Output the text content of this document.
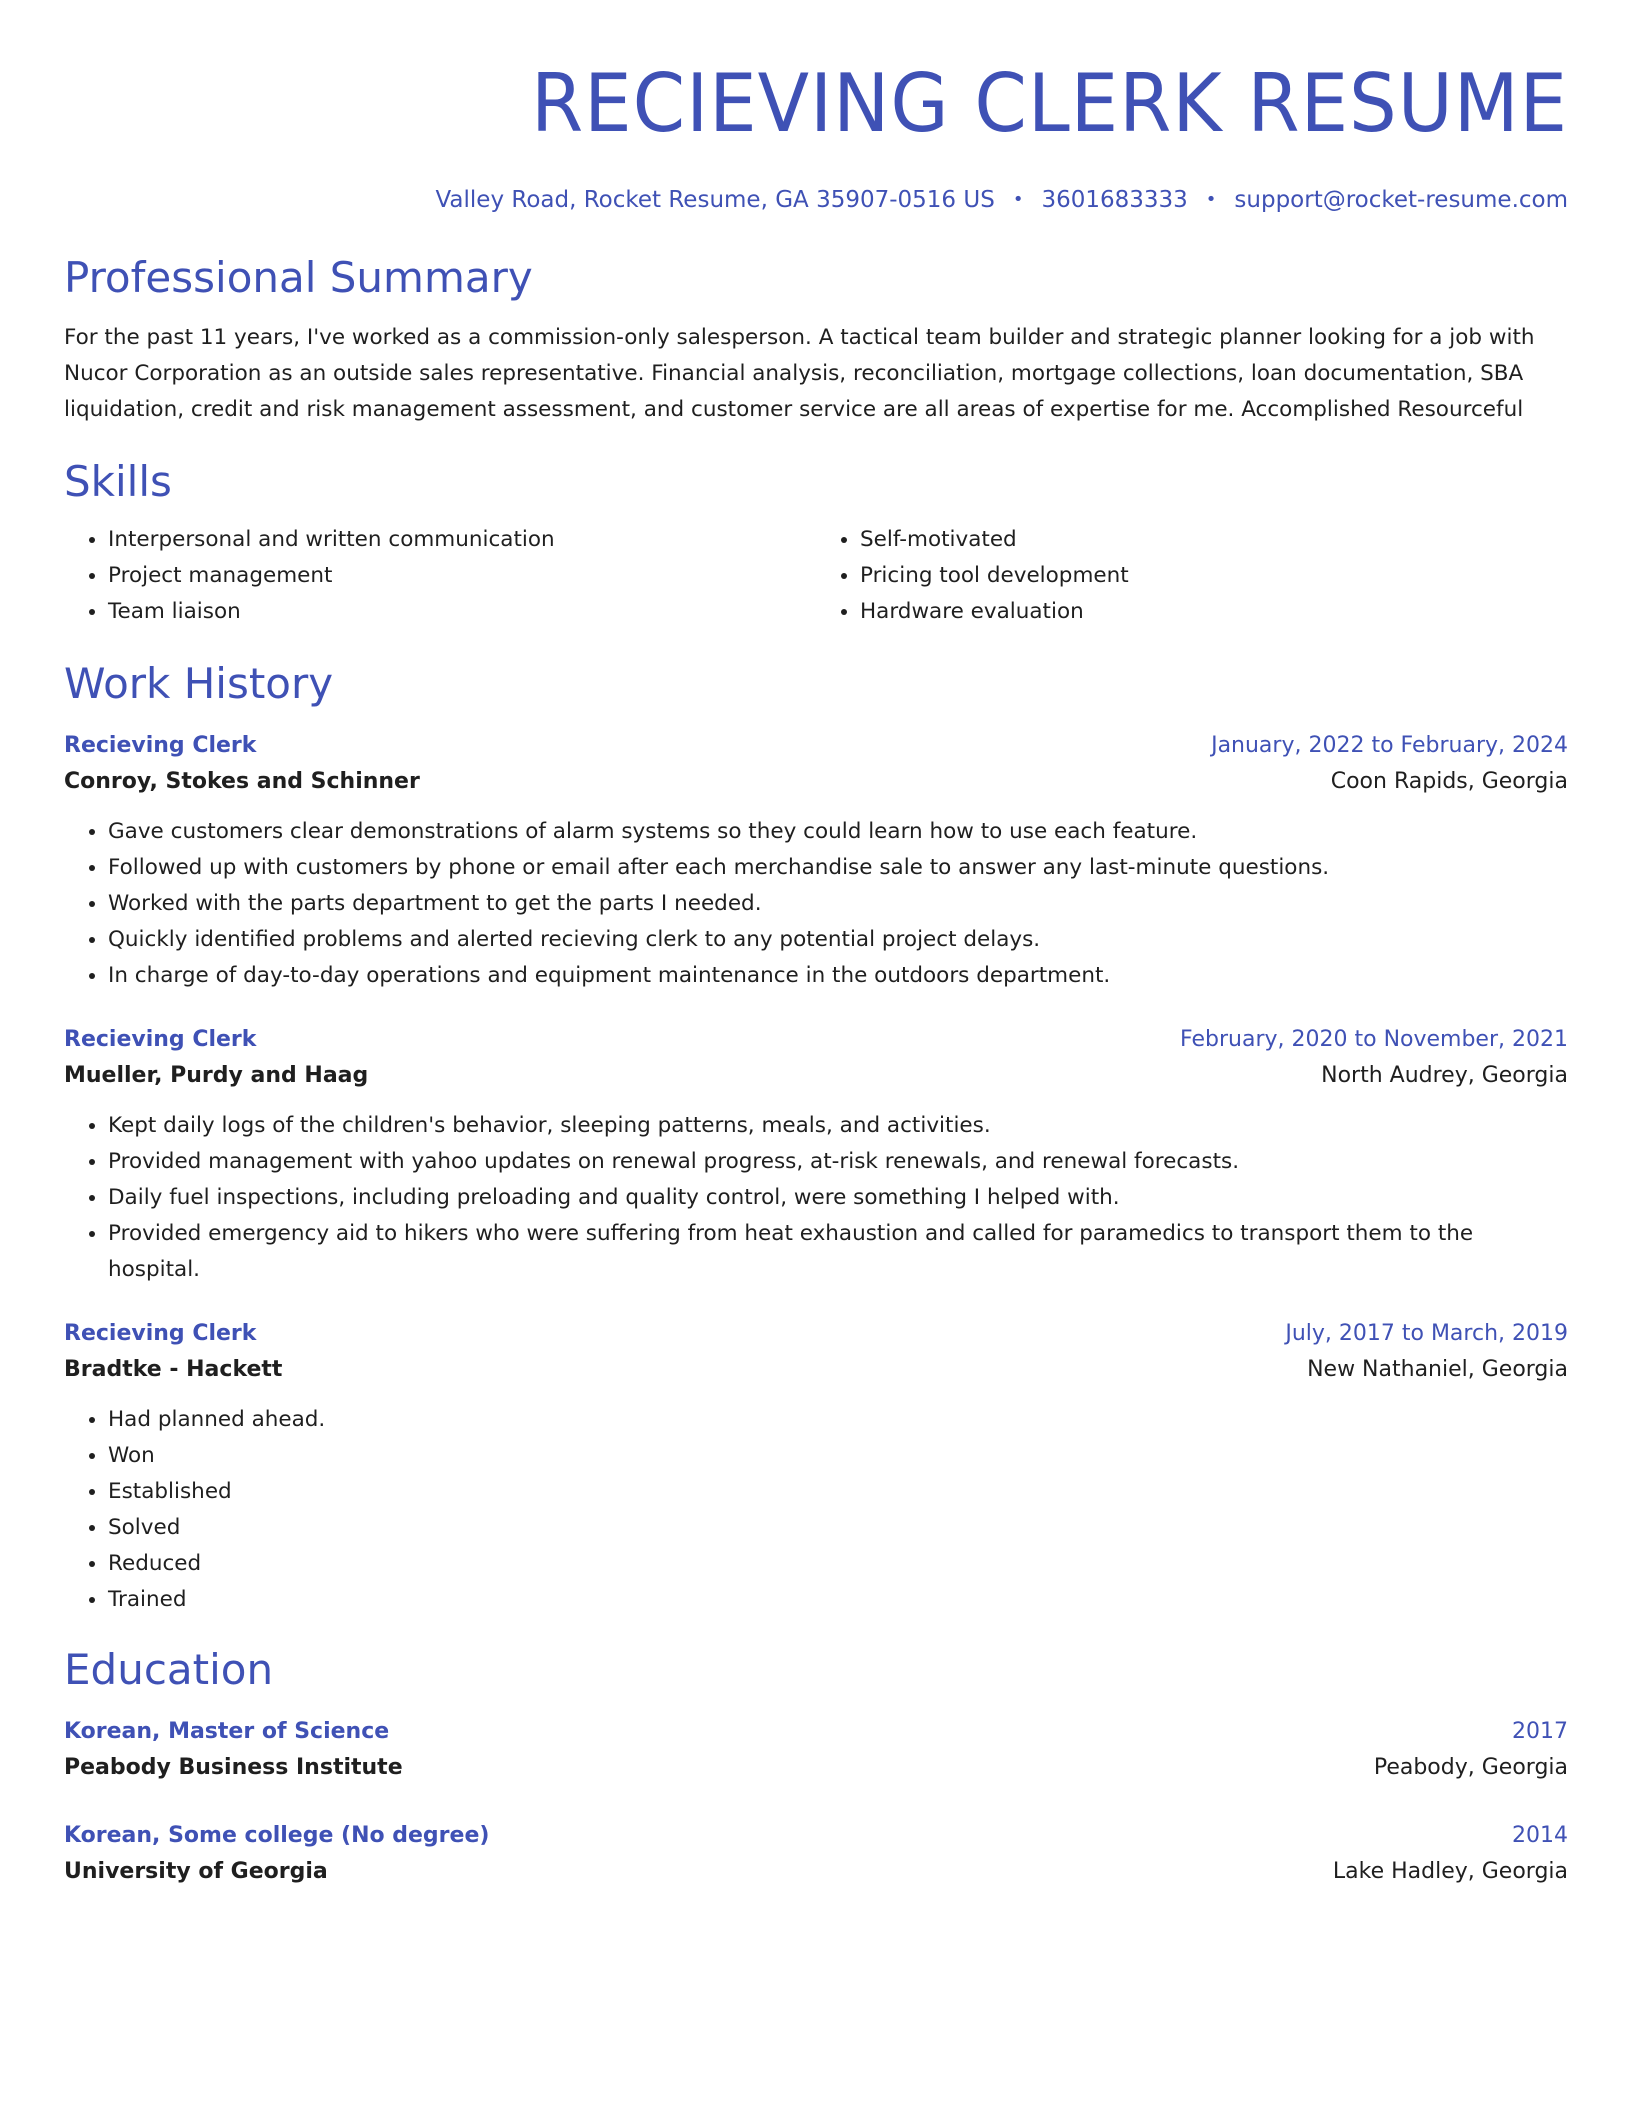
RECIEVING CLERK RESUME
Valley Road, Rocket Resume, GA 35907-0516 US • 3601683333 • support@rocket-resume.com
Professional Summary
For the past 11 years, I've worked as a commission-only salesperson. A tactical team builder and strategic planner looking for a job with Nucor Corporation as an outside sales representative. Financial analysis, reconciliation, mortgage collections, loan documentation, SBA liquidation, credit and risk management assessment, and customer service are all areas of expertise for me. Accomplished Resourceful
Skills
• Interpersonal and written communication
• Project management
• Team liaison
• Self-motivated
• Pricing tool development
• Hardware evaluation
Work History
Recieving Clerk	January, 2022 to February, 2024
Conroy, Stokes and Schinner	Coon Rapids, Georgia
• Gave customers clear demonstrations of alarm systems so they could learn how to use each feature.
• Followed up with customers by phone or email after each merchandise sale to answer any last-minute questions.
• Worked with the parts department to get the parts I needed.
• Quickly identified problems and alerted recieving clerk to any potential project delays.
• In charge of day-to-day operations and equipment maintenance in the outdoors department.
Recieving Clerk	February, 2020 to November, 2021
Mueller, Purdy and Haag	North Audrey, Georgia
• Kept daily logs of the children's behavior, sleeping patterns, meals, and activities.
• Provided management with yahoo updates on renewal progress, at-risk renewals, and renewal forecasts.
• Daily fuel inspections, including preloading and quality control, were something I helped with.
• Provided emergency aid to hikers who were suffering from heat exhaustion and called for paramedics to transport them to the hospital.
Recieving Clerk	July, 2017 to March, 2019
Bradtke - Hackett	New Nathaniel, Georgia
• Had planned ahead.
• Won
• Established
• Solved
• Reduced
• Trained
Education
Korean, Master of Science	2017
Peabody Business Institute	Peabody, Georgia
Korean, Some college (No degree)	2014
University of Georgia	Lake Hadley, Georgia
